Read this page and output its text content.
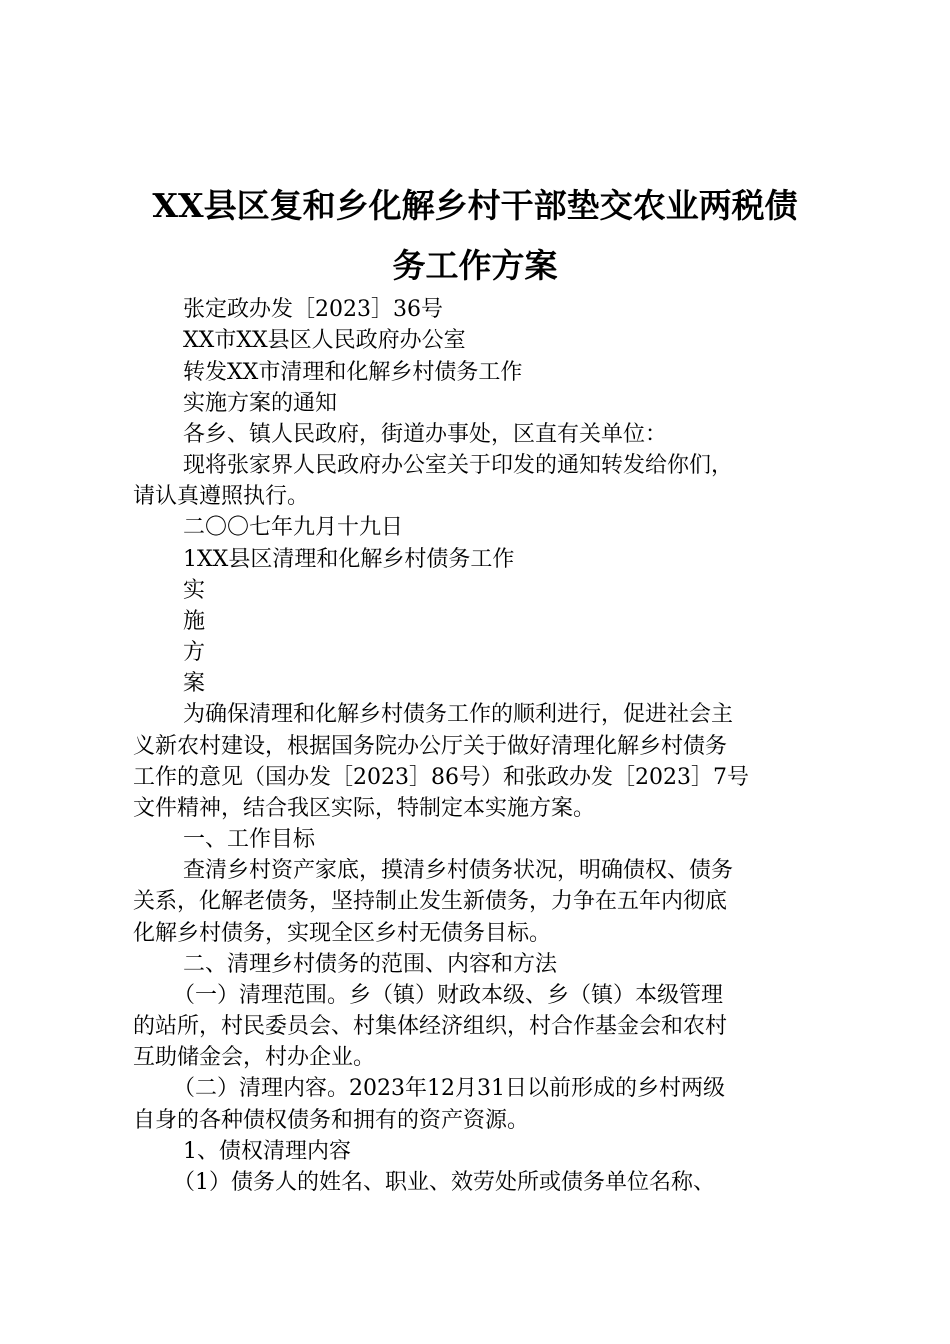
XX县区复和乡化解乡村干部垫交农业两税债
务工作方案
张定政办发［2023］36号
XX市XX县区人民政府办公室
转发XX市清理和化解乡村债务工作
实施方案的通知
各乡、镇人民政府，街道办事处，区直有关单位：
现将张家界人民政府办公室关于印发的通知转发给你们，
请认真遵照执行。
二〇〇七年九月十九日
1XX县区清理和化解乡村债务工作
实
施
方
案
为确保清理和化解乡村债务工作的顺利进行，促进社会主
义新农村建设，根据国务院办公厅关于做好清理化解乡村债务
工作的意见（国办发［2023］86号）和张政办发［2023］7号
文件精神，结合我区实际，特制定本实施方案。
一、工作目标
查清乡村资产家底，摸清乡村债务状况，明确债权、债务
关系，化解老债务，坚持制止发生新债务，力争在五年内彻底
化解乡村债务，实现全区乡村无债务目标。
二、清理乡村债务的范围、内容和方法
（一）清理范围。乡（镇）财政本级、乡（镇）本级管理
的站所，村民委员会、村集体经济组织，村合作基金会和农村
互助储金会，村办企业。
（二）清理内容。2023年12月31日以前形成的乡村两级
自身的各种债权债务和拥有的资产资源。
1、债权清理内容
（1）债务人的姓名、职业、效劳处所或债务单位名称、
